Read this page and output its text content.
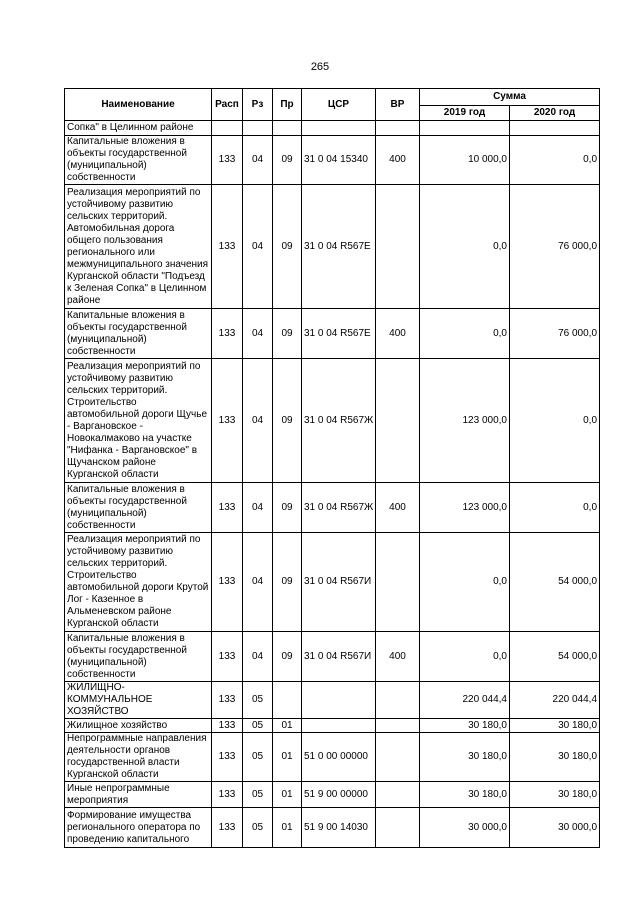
265
Наименование	Расп	Рз	Пр	ЦСР	ВР	Сумма	
						2019 год	2020 год
Сопка" в Целинном районе							
Капитальные вложения в объекты государственной (муниципальной) собственности	133	04	09	31 0 04 15340	400	10 000,0	0,0
Реализация мероприятий по устойчивому развитию сельских территорий. Автомобильная дорога общего пользования регионального или межмуниципального значения Курганской области "Подъезд к Зеленая Сопка" в Целинном районе	133	04	09	31 0 04 R567Е		0,0	76 000,0
Капитальные вложения в объекты государственной (муниципальной) собственности	133	04	09	31 0 04 R567Е	400	0,0	76 000,0
Реализация мероприятий по устойчивому развитию сельских территорий. Строительство автомобильной дороги Щучье - Варгановское - Новокалмаково на участке "Нифанка - Варгановское" в Щучанском районе Курганской области	133	04	09	31 0 04 R567Ж		123 000,0	0,0
Капитальные вложения в объекты государственной (муниципальной) собственности	133	04	09	31 0 04 R567Ж	400	123 000,0	0,0
Реализация мероприятий по устойчивому развитию сельских территорий. Строительство автомобильной дороги Крутой Лог - Казенное в Альменевском районе Курганской области	133	04	09	31 0 04 R567И		0,0	54 000,0
Капитальные вложения в объекты государственной (муниципальной) собственности	133	04	09	31 0 04 R567И	400	0,0	54 000,0
ЖИЛИЩНО-КОММУНАЛЬНОЕ ХОЗЯЙСТВО	133	05				220 044,4	220 044,4
Жилищное хозяйство	133	05	01			30 180,0	30 180,0
Непрограммные направления деятельности органов государственной власти Курганской области	133	05	01	51 0 00 00000		30 180,0	30 180,0
Иные непрограммные мероприятия	133	05	01	51 9 00 00000		30 180,0	30 180,0
Формирование имущества регионального оператора по проведению капитального	133	05	01	51 9 00 14030		30 000,0	30 000,0
